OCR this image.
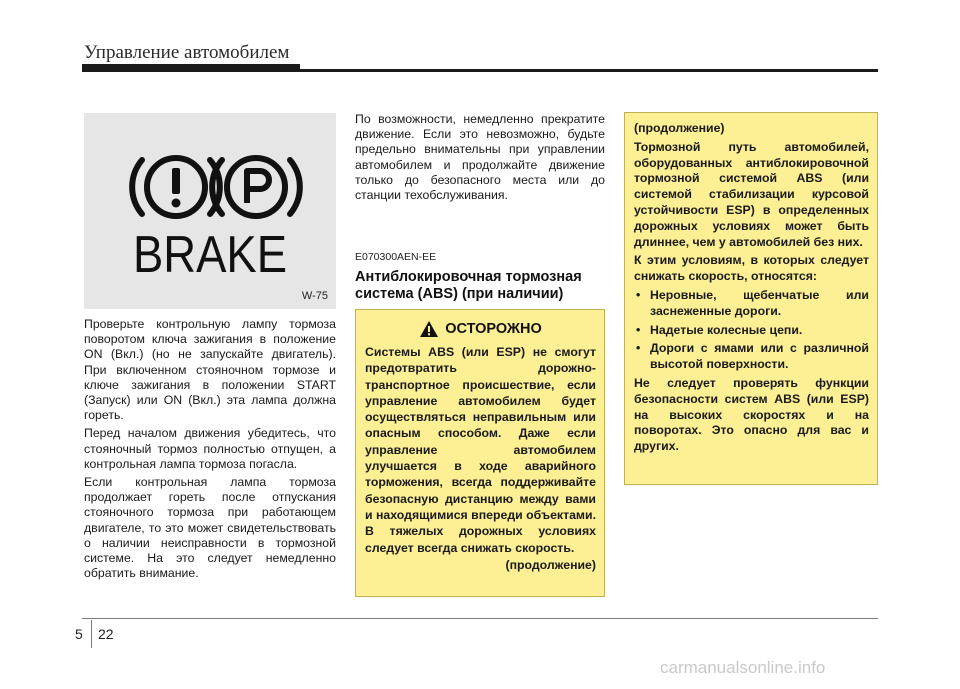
Управление автомобилем
BRAKE
W-75

Проверьте контрольную лампу тормоза поворотом ключа зажигания в положение ON (Вкл.) (но не запускайте двигатель). При включенном стояночном тормозе и ключе зажигания в положении START (Запуск) или ON (Вкл.) эта лампа должна гореть.

Перед началом движения убедитесь, что стояночный тормоз полностью отпущен, а контрольная лампа тормоза погасла.

Если контрольная лампа тормоза продолжает гореть после отпускания стояночного тормоза при работающем двигателе, то это может свидетельствовать о наличии неисправности в тормозной системе. На это следует немедленно обратить внимание.

По возможности, немедленно прекратите движение. Если это невозможно, будьте предельно внимательны при управлении автомобилем и продолжайте движение только до безопасного места или до станции техобслуживания.

E070300AEN-EE
Антиблокировочная тормозная система (ABS) (при наличии)
ОСТОРОЖНО

Системы ABS (или ESP) не смогут предотвратить дорожно-транспортное происшествие, если управление автомобилем будет осуществляться неправильным или опасным способом. Даже если управление автомобилем улучшается в ходе аварийного торможения, всегда поддерживайте безопасную дистанцию между вами и находящимися впереди объектами. В тяжелых дорожных условиях следует всегда снижать скорость.

(продолжение)

(продолжение)

Тормозной путь автомобилей, оборудованных антиблокировочной тормозной системой ABS (или системой стабилизации курсовой устойчивости ESP) в определенных дорожных условиях может быть длиннее, чем у автомобилей без них.

К этим условиям, в которых следует снижать скорость, относятся:

• Неровные, щебенчатые или заснеженные дороги.
• Надетые колесные цепи.
• Дороги с ямами или с различной высотой поверхности.

Не следует проверять функции безопасности систем ABS (или ESP) на высоких скоростях и на поворотах. Это опасно для вас и других.

5 22
carmanualsonline.info
